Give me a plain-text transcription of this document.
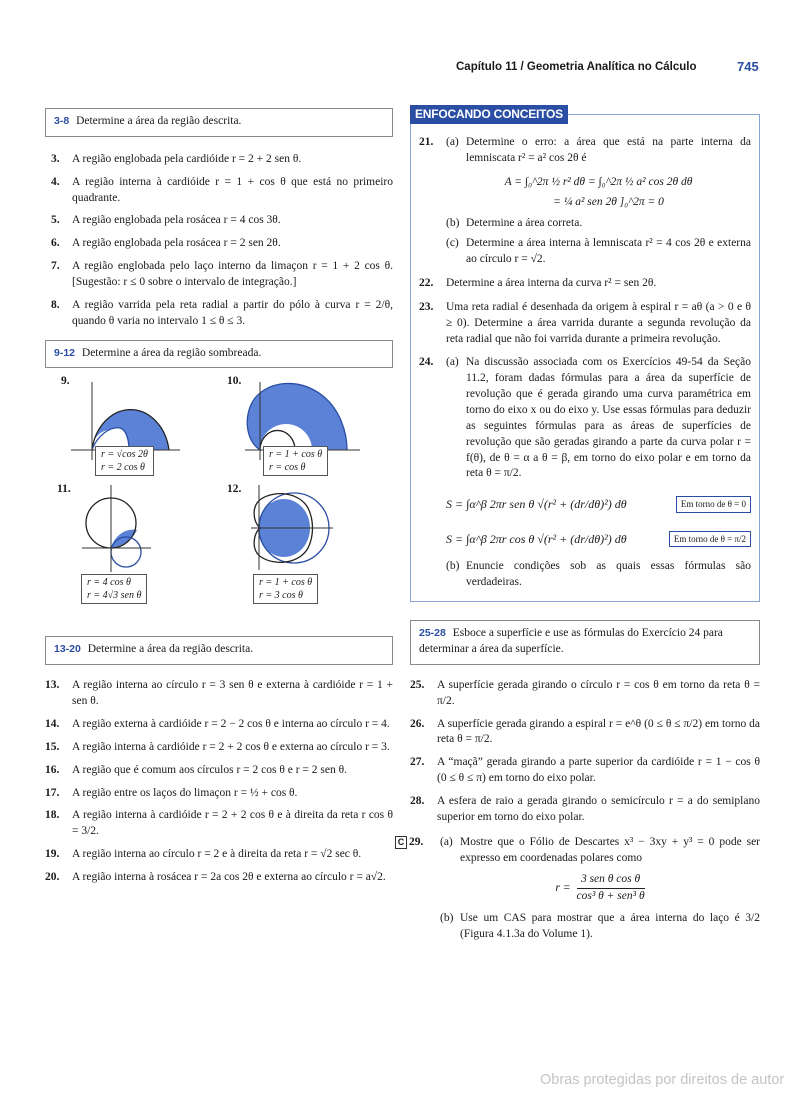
Capítulo 11 / Geometria Analítica no Cálculo	745
3-8 Determine a área da região descrita.
3. A região englobada pela cardióide r = 2 + 2 sen θ.
4. A região interna à cardióide r = 1 + cos θ que está no primeiro quadrante.
5. A região englobada pela rosácea r = 4 cos 3θ.
6. A região englobada pela rosácea r = 2 sen 2θ.
7. A região englobada pelo laço interno da limaçon r = 1 + 2 cos θ. [Sugestão: r ≤ 0 sobre o intervalo de integração.]
8. A região varrida pela reta radial a partir do pólo à curva r = 2/θ, quando θ varia no intervalo 1 ≤ θ ≤ 3.
9-12 Determine a área da região sombreada.
9.
r = √cos 2θ
r = 2 cos θ
10.
r = 1 + cos θ
r = cos θ
11.
r = 4 cos θ
r = 4√3 sen θ
12.
r = 1 + cos θ
r = 3 cos θ
13-20 Determine a área da região descrita.
13. A região interna ao círculo r = 3 sen θ e externa à cardióide r = 1 + sen θ.
14. A região externa à cardióide r = 2 − 2 cos θ e interna ao círculo r = 4.
15. A região interna à cardióide r = 2 + 2 cos θ e externa ao círculo r = 3.
16. A região que é comum aos círculos r = 2 cos θ e r = 2 sen θ.
17. A região entre os laços do limaçon r = ½ + cos θ.
18. A região interna à cardióide r = 2 + 2 cos θ e à direita da reta r cos θ = 3/2.
19. A região interna ao círculo r = 2 e à direita da reta r = √2 sec θ.
20. A região interna à rosácea r = 2a cos 2θ e externa ao círculo r = a√2.
ENFOCANDO CONCEITOS
21. (a) Determine o erro: a área que está na parte interna da lemniscata r² = a² cos 2θ é
A = ∫₀^2π ½ r² dθ = ∫₀^2π ½ a² cos 2θ dθ
= ¼ a² sen 2θ ]₀^2π = 0
(b) Determine a área correta.
(c) Determine a área interna à lemniscata r² = 4 cos 2θ e externa ao círculo r = √2.
22. Determine a área interna da curva r² = sen 2θ.
23. Uma reta radial é desenhada da origem à espiral r = aθ (a > 0 e θ ≥ 0). Determine a área varrida durante a segunda revolução da reta radial que não foi varrida durante a primeira revolução.
24. (a) Na discussão associada com os Exercícios 49-54 da Seção 11.2, foram dadas fórmulas para a área da superfície de revolução que é gerada girando uma curva paramétrica em torno do eixo x ou do eixo y. Use essas fórmulas para deduzir as seguintes fórmulas para as áreas de superfícies de revolução que são geradas girando a parte da curva polar r = f(θ), de θ = α a θ = β, em torno do eixo polar e em torno da reta θ = π/2.
S = ∫α^β 2πr sen θ √(r² + (dr/dθ)²) dθ	Em torno de θ = 0
S = ∫α^β 2πr cos θ √(r² + (dr/dθ)²) dθ	Em torno de θ = π/2
(b) Enuncie condições sob as quais essas fórmulas são verdadeiras.
25-28 Esboce a superfície e use as fórmulas do Exercício 24 para determinar a área da superfície.
25. A superfície gerada girando o círculo r = cos θ em torno da reta θ = π/2.
26. A superfície gerada girando a espiral r = e^θ (0 ≤ θ ≤ π/2) em torno da reta θ = π/2.
27. A “maçã” gerada girando a parte superior da cardióide r = 1 − cos θ (0 ≤ θ ≤ π) em torno do eixo polar.
28. A esfera de raio a gerada girando o semicírculo r = a do semiplano superior em torno do eixo polar.
C 29. (a) Mostre que o Fólio de Descartes x³ − 3xy + y³ = 0 pode ser expresso em coordenadas polares como
r =
3 sen θ cos θ
cos³ θ + sen³ θ
(b) Use um CAS para mostrar que a área interna do laço é 3/2 (Figura 4.1.3a do Volume 1).
Obras protegidas por direitos de autor
